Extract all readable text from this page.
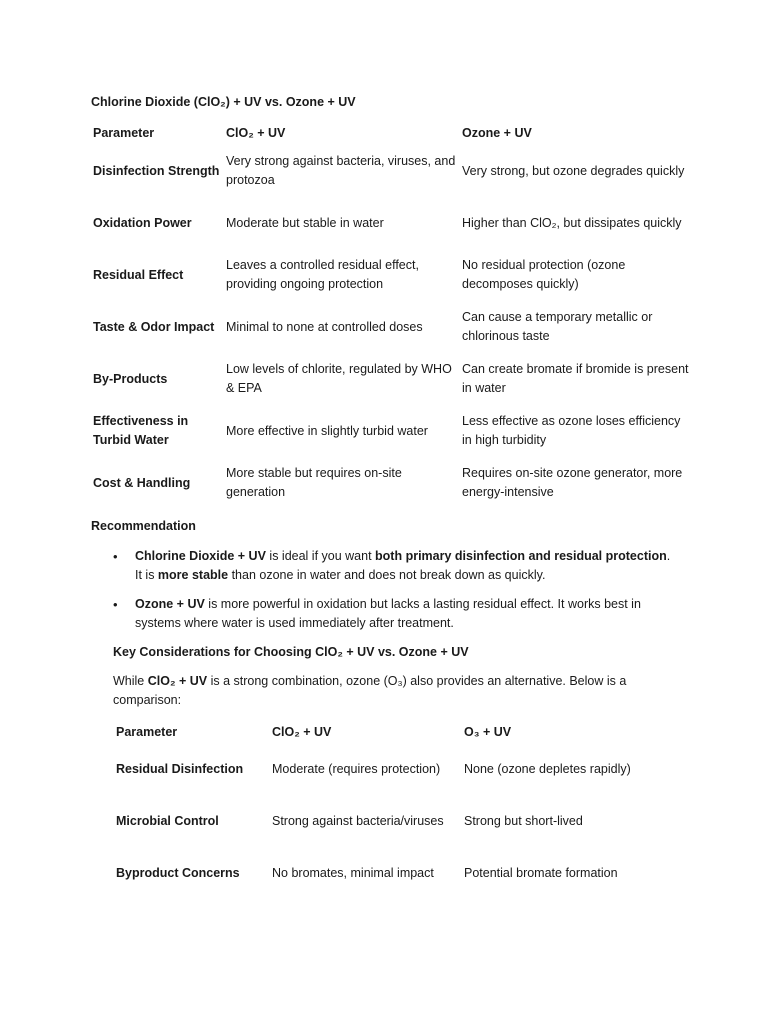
Chlorine Dioxide (ClO₂) + UV vs. Ozone + UV
Parameter	ClO₂ + UV	Ozone + UV
Disinfection Strength	Very strong against bacteria, viruses, and protozoa	Very strong, but ozone degrades quickly
Oxidation Power	Moderate but stable in water	Higher than ClO₂, but dissipates quickly
Residual Effect	Leaves a controlled residual effect, providing ongoing protection	No residual protection (ozone decomposes quickly)
Taste & Odor Impact	Minimal to none at controlled doses	Can cause a temporary metallic or chlorinous taste
By-Products	Low levels of chlorite, regulated by WHO & EPA	Can create bromate if bromide is present in water
Effectiveness in Turbid Water	More effective in slightly turbid water	Less effective as ozone loses efficiency in high turbidity
Cost & Handling	More stable but requires on-site generation	Requires on-site ozone generator, more energy-intensive
Recommendation
• Chlorine Dioxide + UV is ideal if you want both primary disinfection and residual protection. It is more stable than ozone in water and does not break down as quickly.
• Ozone + UV is more powerful in oxidation but lacks a lasting residual effect. It works best in systems where water is used immediately after treatment.
Key Considerations for Choosing ClO₂ + UV vs. Ozone + UV
While ClO₂ + UV is a strong combination, ozone (O₃) also provides an alternative. Below is a comparison:
Parameter	ClO₂ + UV	O₃ + UV
Residual Disinfection	Moderate (requires protection)	None (ozone depletes rapidly)
Microbial Control	Strong against bacteria/viruses	Strong but short-lived
Byproduct Concerns	No bromates, minimal impact	Potential bromate formation
